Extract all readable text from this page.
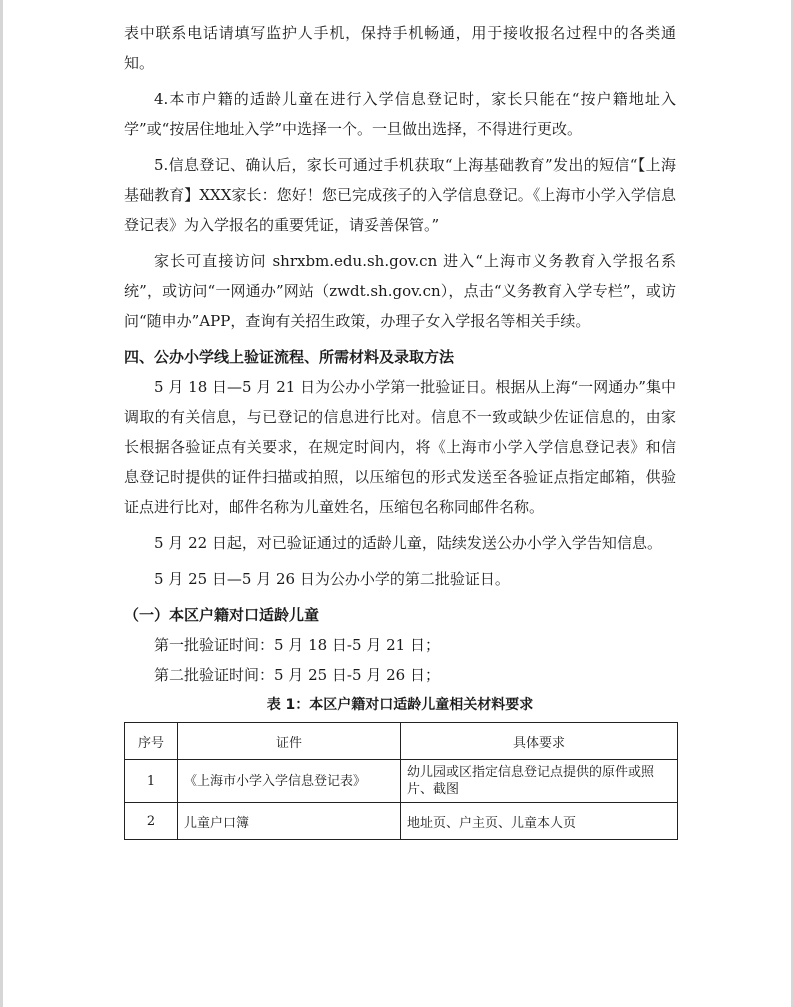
表中联系电话请填写监护人手机，保持手机畅通，用于接收报名过程中的各类通知。

4.本市户籍的适龄儿童在进行入学信息登记时，家长只能在“按户籍地址入学”或“按居住地址入学”中选择一个。一旦做出选择，不得进行更改。

5.信息登记、确认后，家长可通过手机获取“上海基础教育”发出的短信“【上海基础教育】XXX家长：您好！您已完成孩子的入学信息登记。《上海市小学入学信息登记表》为入学报名的重要凭证，请妥善保管。”

家长可直接访问 shrxbm.edu.sh.gov.cn 进入“上海市义务教育入学报名系统”，或访问“一网通办”网站（zwdt.sh.gov.cn），点击“义务教育入学专栏”，或访问“随申办”APP，查询有关招生政策，办理子女入学报名等相关手续。

四、公办小学线上验证流程、所需材料及录取方法

5 月 18 日—5 月 21 日为公办小学第一批验证日。根据从上海“一网通办”集中调取的有关信息，与已登记的信息进行比对。信息不一致或缺少佐证信息的，由家长根据各验证点有关要求，在规定时间内，将《上海市小学入学信息登记表》和信息登记时提供的证件扫描或拍照，以压缩包的形式发送至各验证点指定邮箱，供验证点进行比对，邮件名称为儿童姓名，压缩包名称同邮件名称。

5 月 22 日起，对已验证通过的适龄儿童，陆续发送公办小学入学告知信息。

5 月 25 日—5 月 26 日为公办小学的第二批验证日。

（一）本区户籍对口适龄儿童

第一批验证时间：5 月 18 日-5 月 21 日；

第二批验证时间：5 月 25 日-5 月 26 日；

表 1：本区户籍对口适龄儿童相关材料要求

序号	证件	具体要求
1	《上海市小学入学信息登记表》	幼儿园或区指定信息登记点提供的原件或照片、截图
2	儿童户口簿	地址页、户主页、儿童本人页
